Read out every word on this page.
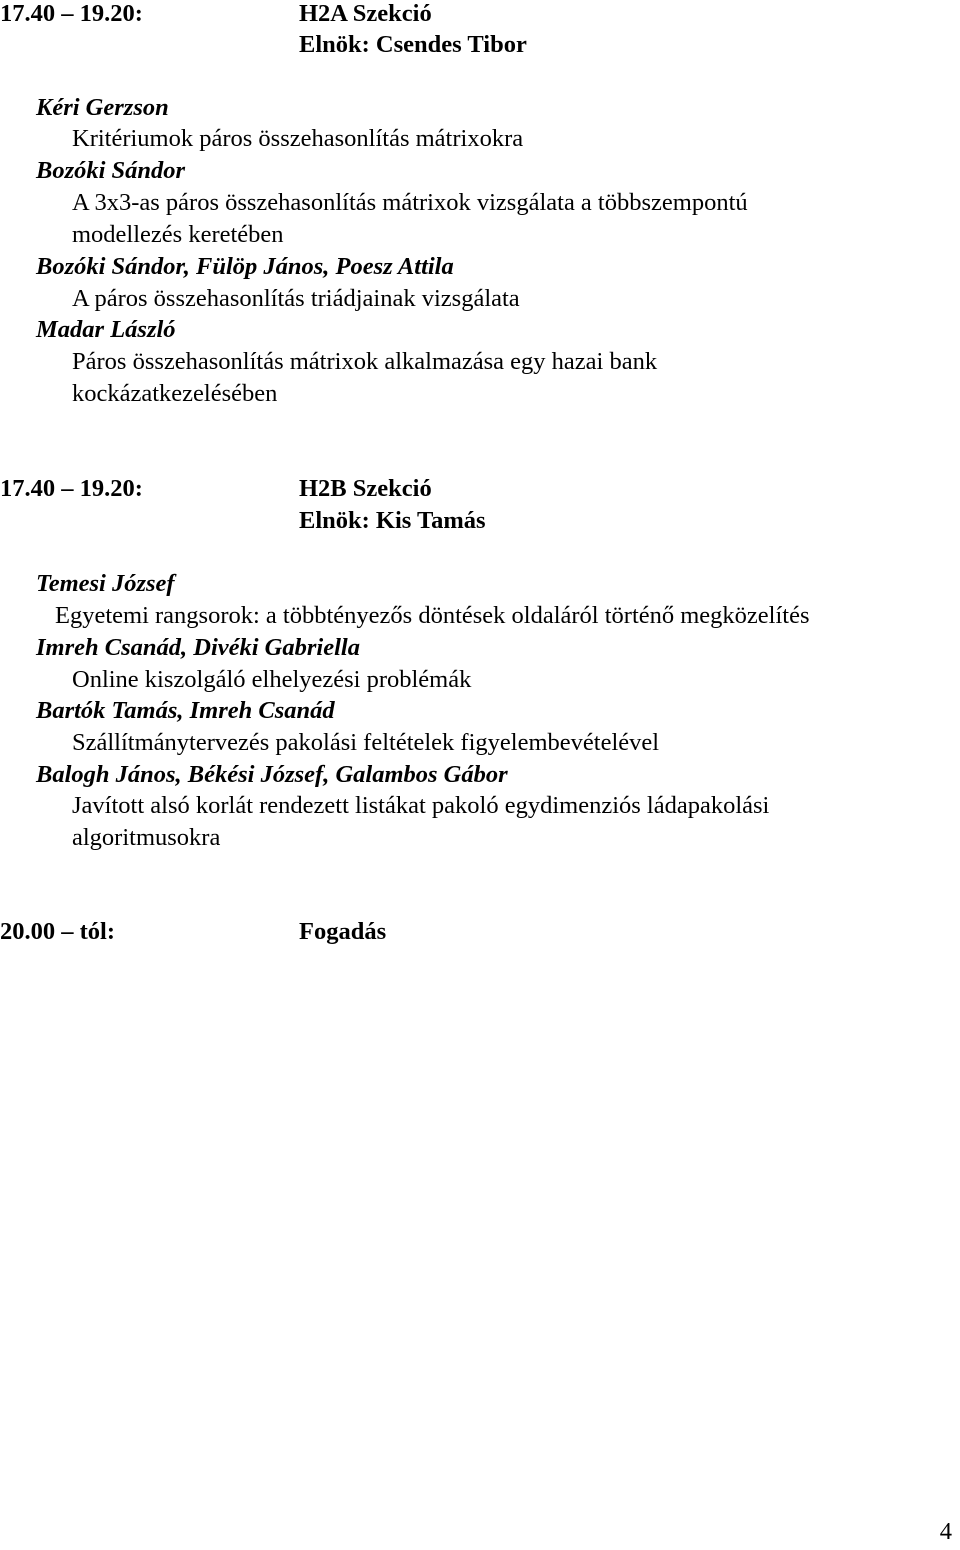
17.40 – 19.20:	H2A Szekció
Elnök: Csendes Tibor
Kéri Gerzson
Kritériumok páros összehasonlítás mátrixokra
Bozóki Sándor
A 3x3-as páros összehasonlítás mátrixok vizsgálata a többszempontú
modellezés keretében
Bozóki Sándor, Fülöp János, Poesz Attila
A páros összehasonlítás triádjainak vizsgálata
Madar László
Páros összehasonlítás mátrixok alkalmazása egy hazai bank
kockázatkezelésében
17.40 – 19.20:	H2B Szekció
Elnök: Kis Tamás
Temesi József
Egyetemi rangsorok: a többtényezős döntések oldaláról történő megközelítés
Imreh Csanád, Divéki Gabriella
Online kiszolgáló elhelyezési problémák
Bartók Tamás, Imreh Csanád
Szállítmánytervezés pakolási feltételek figyelembevételével
Balogh János, Békési József, Galambos Gábor
Javított alsó korlát rendezett listákat pakoló egydimenziós ládapakolási
algoritmusokra
20.00 – tól:	Fogadás
4
